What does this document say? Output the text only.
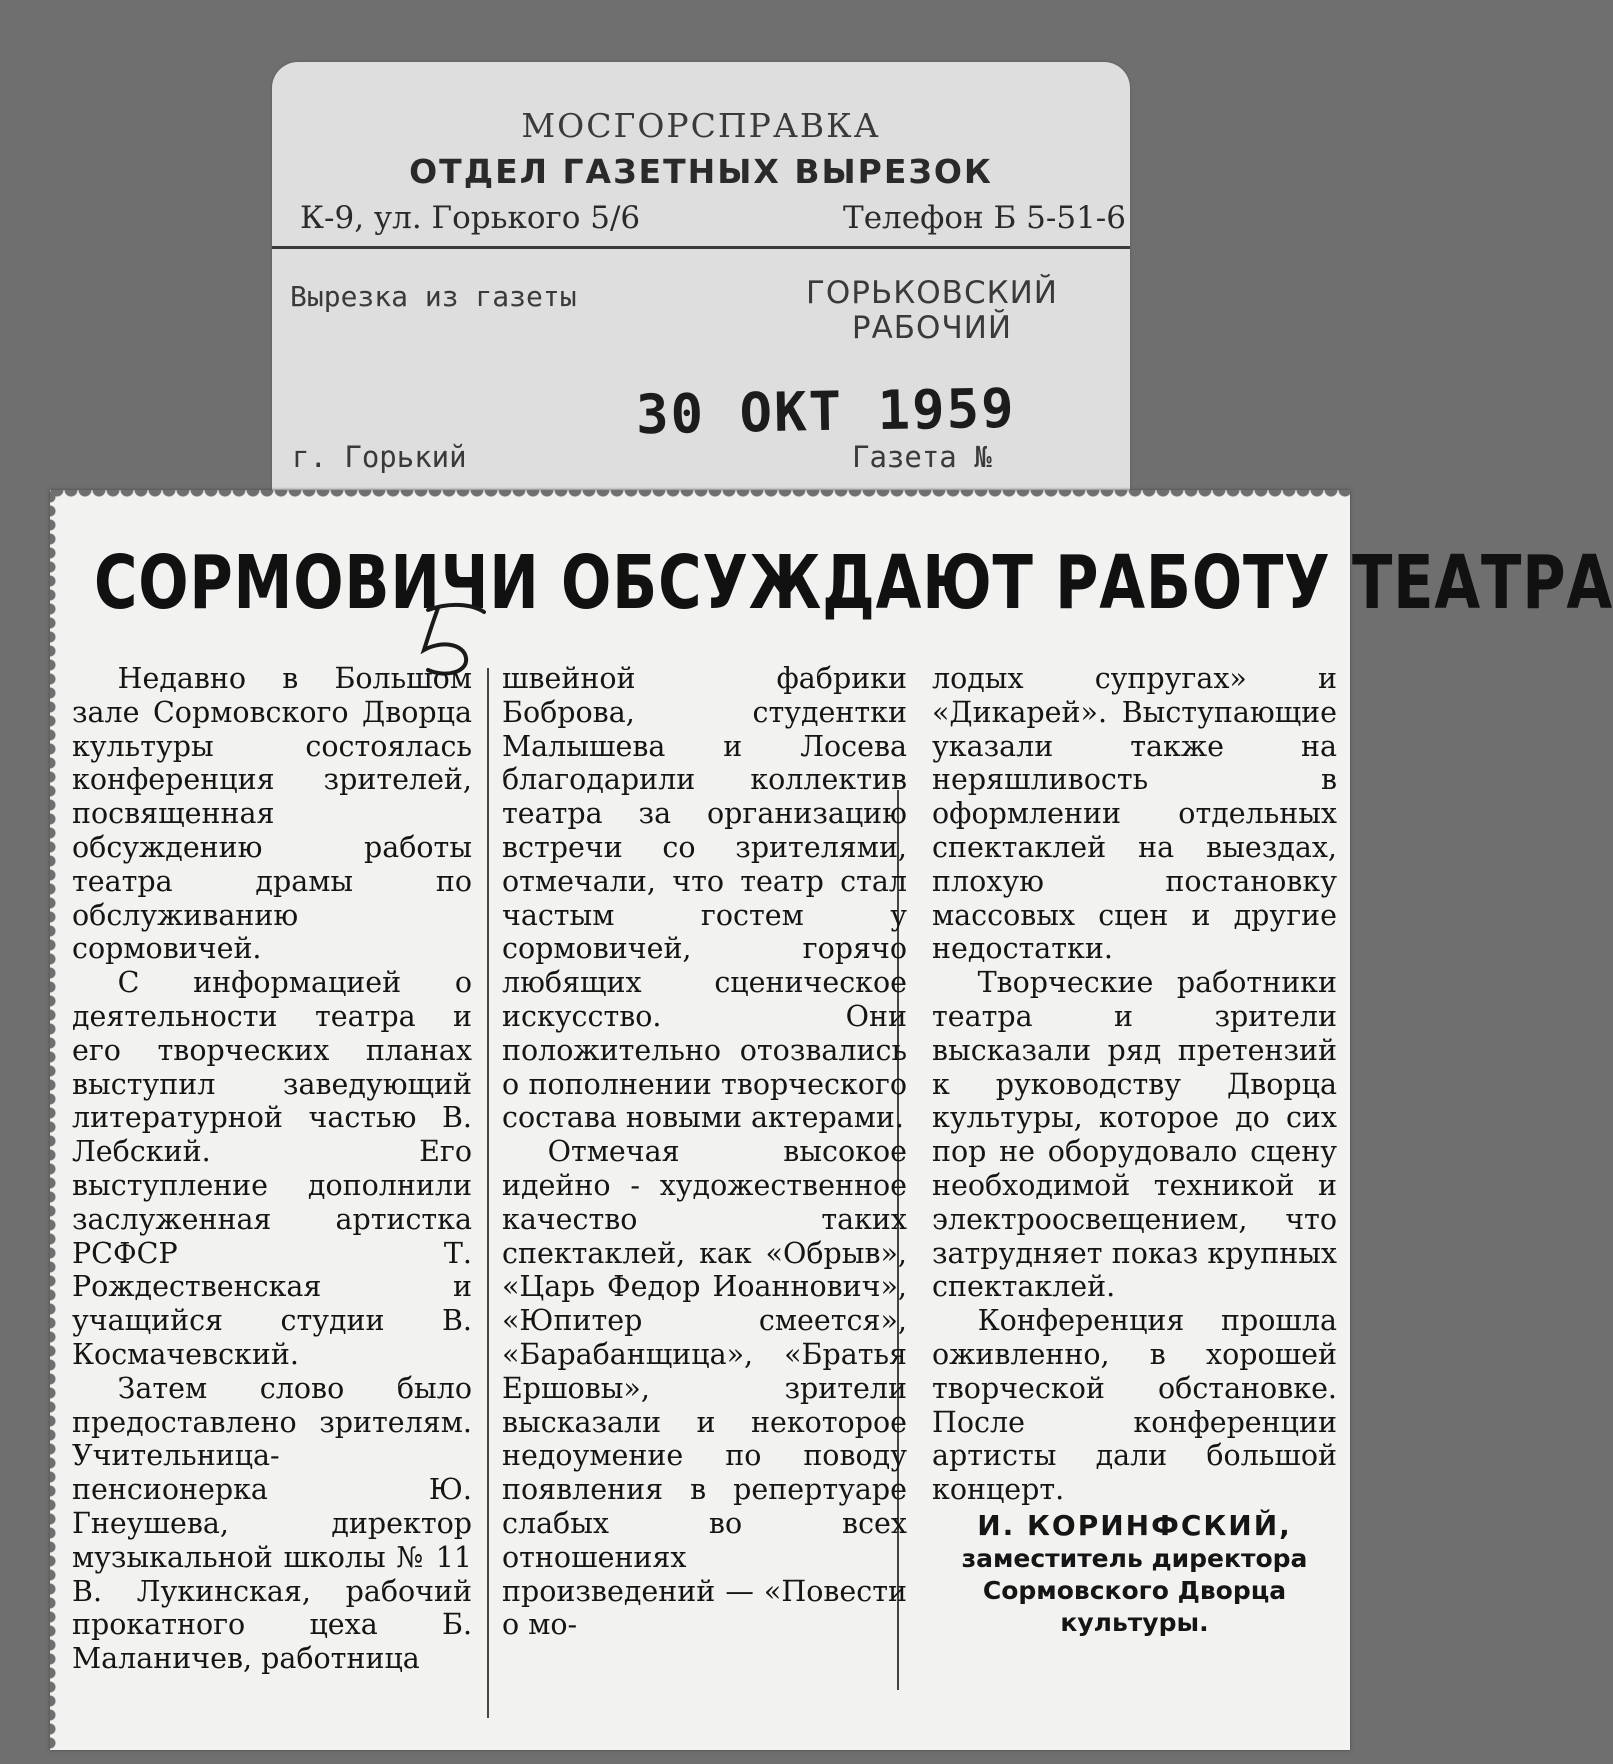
МОСГОРСПРАВКА
ОТДЕЛ ГАЗЕТНЫХ ВЫРЕЗОК
К-9, ул. Горького 5/6	Телефон Б 5-51-6
Вырезка из газеты	ГОРЬКОВСКИЙ
РАБОЧИЙ
30 ОКТ 1959
г. Горький	Газета №
СОРМОВИЧИ ОБСУЖДАЮТ РАБОТУ ТЕАТРА

Недавно в Большом зале Сормовского Дворца культуры состоялась конференция зрителей, посвященная обсуждению работы театра драмы по обслуживанию сормовичей.

С информацией о деятельности театра и его творческих планах выступил заведующий литературной частью В. Лебский. Его выступление дополнили заслуженная артистка РСФСР Т. Рождественская и учащийся студии В. Космачевский.

Затем слово было предоставлено зрителям. Учительница-пенсионерка Ю. Гнеушева, директор музыкальной школы № 11 В. Лукинская, рабочий прокатного цеха Б. Маланичев, работница

швейной фабрики Боброва, студентки Малышева и Лосева благодарили коллектив театра за организацию встречи со зрителями, отмечали, что театр стал частым гостем у сормовичей, горячо любящих сценическое искусство. Они положительно отозвались о пополнении творческого состава новыми актерами.

Отмечая высокое идейно - художественное качество таких спектаклей, как «Обрыв», «Царь Федор Иоаннович», «Юпитер смеется», «Барабанщица», «Братья Ершовы», зрители высказали и некоторое недоумение по поводу появления в репертуаре слабых во всех отношениях произведений — «Повести о мо-

лодых супругах» и «Дикарей». Выступающие указали также на неряшливость в оформлении отдельных спектаклей на выездах, плохую постановку массовых сцен и другие недостатки.

Творческие работники театра и зрители высказали ряд претензий к руководству Дворца культуры, которое до сих пор не оборудовало сцену необходимой техникой и электроосвещением, что затрудняет показ крупных спектаклей.

Конференция прошла оживленно, в хорошей творческой обстановке. После конференции артисты дали большой концерт.

И. КОРИНФСКИЙ,

заместитель директора Сормовского Дворца культуры.
